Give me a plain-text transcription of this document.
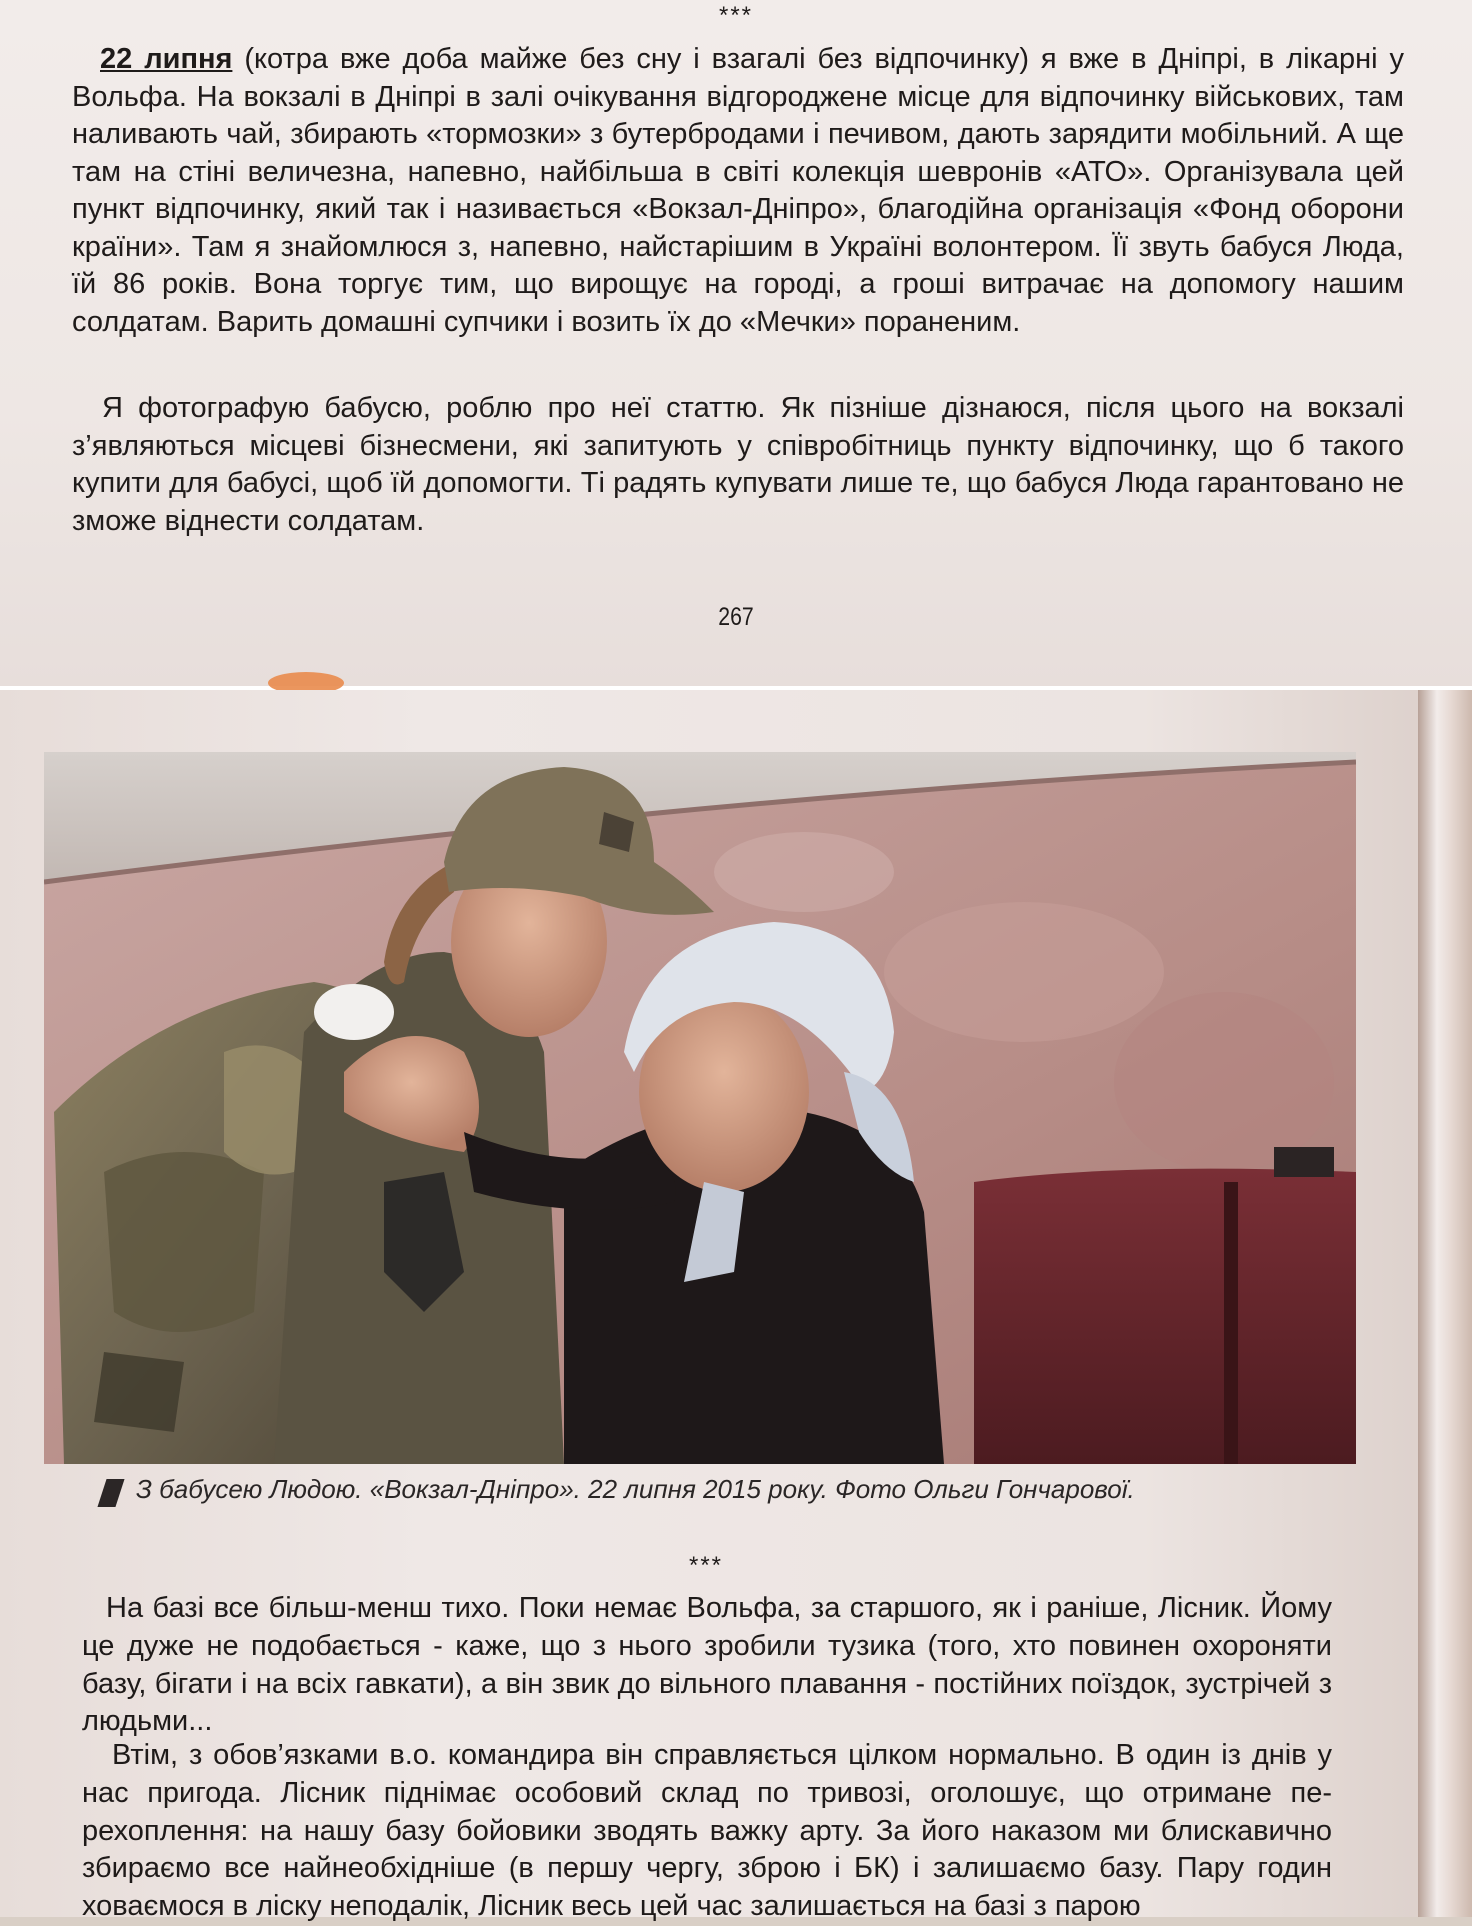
***
22 липня (котра вже доба майже без сну і взагалі без відпочинку) я вже в Дніпрі, в лікарні у Вольфа. На вокзалі в Дніпрі в залі очікування відгороджене місце для відпочинку військових, там наливають чай, збирають «тормозки» з бутербродами і печивом, дають зарядити мобільний. А ще там на стіні величезна, напевно, найбільша в світі колекція шевронів «АТО». Організувала цей пункт відпочинку, який так і називається «Вокзал-Дніпро», благодійна організація «Фонд оборони країни». Там я знайомлюся з, напевно, найстарішим в Україні волонтером. Її звуть бабуся Люда, їй 86 років. Вона торгує тим, що вирощує на городі, а гроші витрачає на допомогу нашим солдатам. Варить домашні супчики і возить їх до «Мечки» пораненим.
Я фотографую бабусю, роблю про неї статтю. Як пізніше дізнаюся, після цього на вокзалі з’являються місцеві бізнесмени, які запитують у співробітниць пункту відпочинку, що б такого купити для бабусі, щоб їй допомогти. Ті радять купувати лише те, що бабуся Люда гарантовано не зможе віднести солдатам.
267
З бабусею Людою. «Вокзал-Дніпро». 22 липня 2015 року. Фото Ольги Гончарової.
***
На базі все більш-менш тихо. Поки немає Вольфа, за старшого, як і раніше, Лісник. Йому це дуже не подобається - каже, що з нього зробили тузика (того, хто повинен охороняти базу, бігати і на всіх гавкати), а він звик до вільного плавання - постійних поїздок, зустрічей з людьми...
Втім, з обов’язками в.о. командира він справляється цілком нормально. В один із днів у нас пригода. Лісник піднімає особовий склад по тривозі, оголошує, що отримане перехоплення: на нашу базу бойовики зводять важку арту. За його наказом ми блискавично збираємо все найнеобхідніше (в першу чергу, зброю і БК) і залишаємо базу. Пару годин ховаємося в ліску неподалік, Лісник весь цей час залишається на базі з парою
